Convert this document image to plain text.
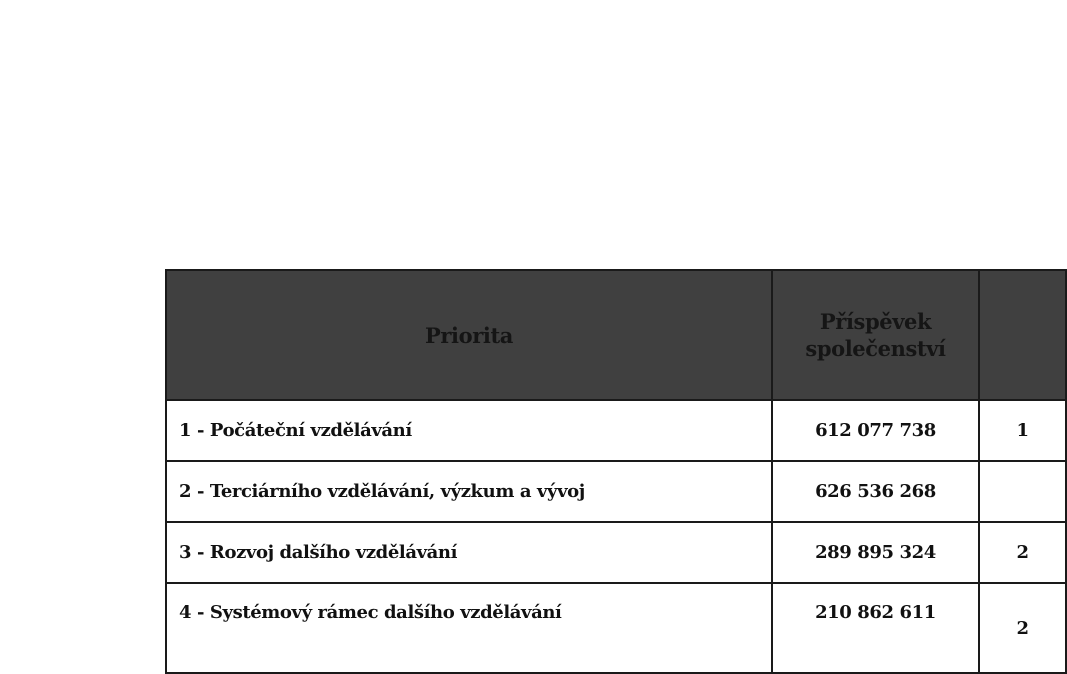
Priorita	Příspěvek společenství	
1 - Počáteční vzdělávání	612 077 738	1
2 - Terciárního vzdělávání, výzkum a vývoj	626 536 268	
3 - Rozvoj dalšího vzdělávání	289 895 324	2
4 - Systémový rámec dalšího vzdělávání	210 862 611	2
